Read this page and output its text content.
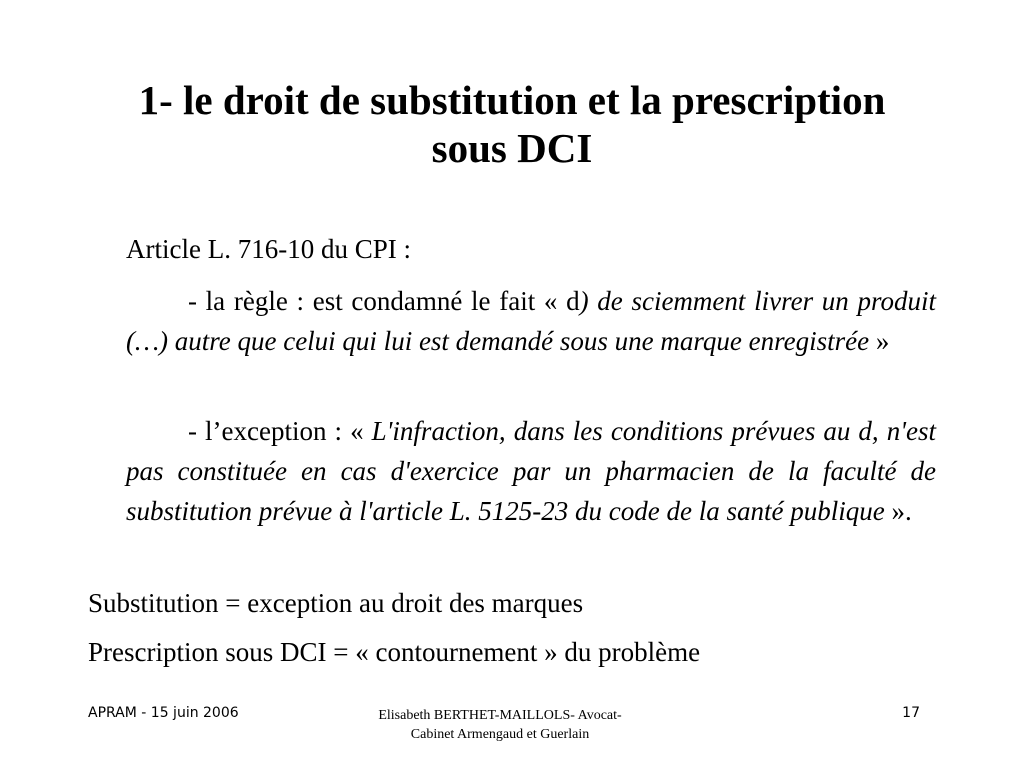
1- le droit de substitution et la prescription
sous DCI

Article L. 716-10 du CPI :

- la règle : est condamné le fait « d) de sciemment livrer un produit (…) autre que celui qui lui est demandé sous une marque enregistrée »

- l’exception : « L'infraction, dans les conditions prévues au d, n'est pas constituée en cas d'exercice par un pharmacien de la faculté de substitution prévue à l'article L. 5125-23 du code de la santé publique ».

Substitution = exception au droit des marques

Prescription sous DCI = « contournement » du problème

APRAM - 15 juin 2006	Elisabeth BERTHET-MAILLOLS- Avocat-
Cabinet Armengaud et Guerlain
17
